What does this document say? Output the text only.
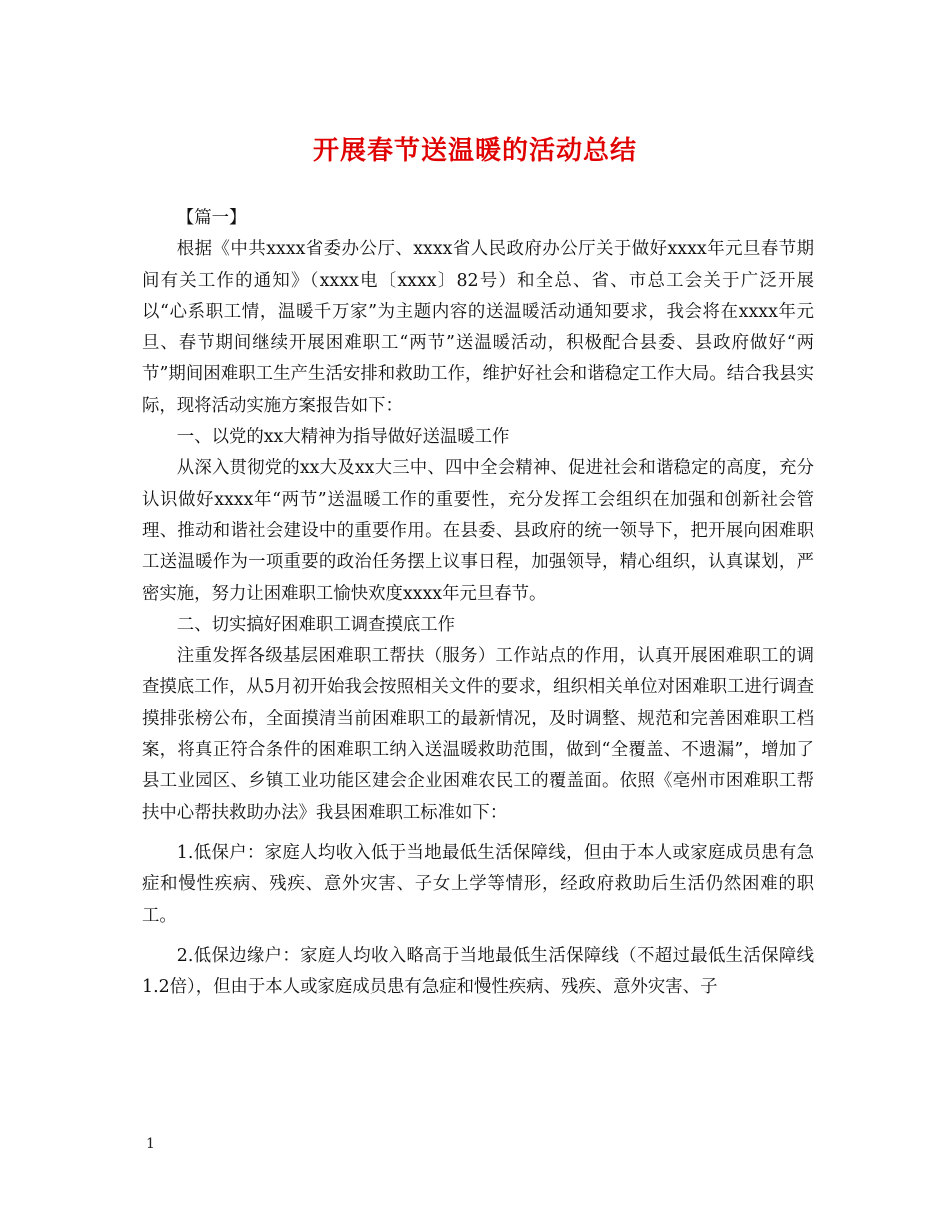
开展春节送温暖的活动总结

【篇一】

根据《中共xxxx省委办公厅、xxxx省人民政府办公厅关于做好xxxx年元旦春节期间有关工作的通知》（xxxx电〔xxxx〕82号）和全总、省、市总工会关于广泛开展以“心系职工情，温暖千万家”为主题内容的送温暖活动通知要求，我会将在xxxx年元旦、春节期间继续开展困难职工“两节”送温暖活动，积极配合县委、县政府做好“两节”期间困难职工生产生活安排和救助工作，维护好社会和谐稳定工作大局。结合我县实际，现将活动实施方案报告如下：

一、以党的xx大精神为指导做好送温暖工作

从深入贯彻党的xx大及xx大三中、四中全会精神、促进社会和谐稳定的高度，充分认识做好xxxx年“两节”送温暖工作的重要性，充分发挥工会组织在加强和创新社会管理、推动和谐社会建设中的重要作用。在县委、县政府的统一领导下，把开展向困难职工送温暖作为一项重要的政治任务摆上议事日程，加强领导，精心组织，认真谋划，严密实施，努力让困难职工愉快欢度xxxx年元旦春节。

二、切实搞好困难职工调查摸底工作

注重发挥各级基层困难职工帮扶（服务）工作站点的作用，认真开展困难职工的调查摸底工作，从5月初开始我会按照相关文件的要求，组织相关单位对困难职工进行调查摸排张榜公布，全面摸清当前困难职工的最新情况，及时调整、规范和完善困难职工档案，将真正符合条件的困难职工纳入送温暖救助范围，做到“全覆盖、不遗漏”，增加了县工业园区、乡镇工业功能区建会企业困难农民工的覆盖面。依照《亳州市困难职工帮扶中心帮扶救助办法》我县困难职工标准如下：

1.低保户：家庭人均收入低于当地最低生活保障线，但由于本人或家庭成员患有急症和慢性疾病、残疾、意外灾害、子女上学等情形，经政府救助后生活仍然困难的职工。

2.低保边缘户：家庭人均收入略高于当地最低生活保障线（不超过最低生活保障线1.2倍），但由于本人或家庭成员患有急症和慢性疾病、残疾、意外灾害、子

1
